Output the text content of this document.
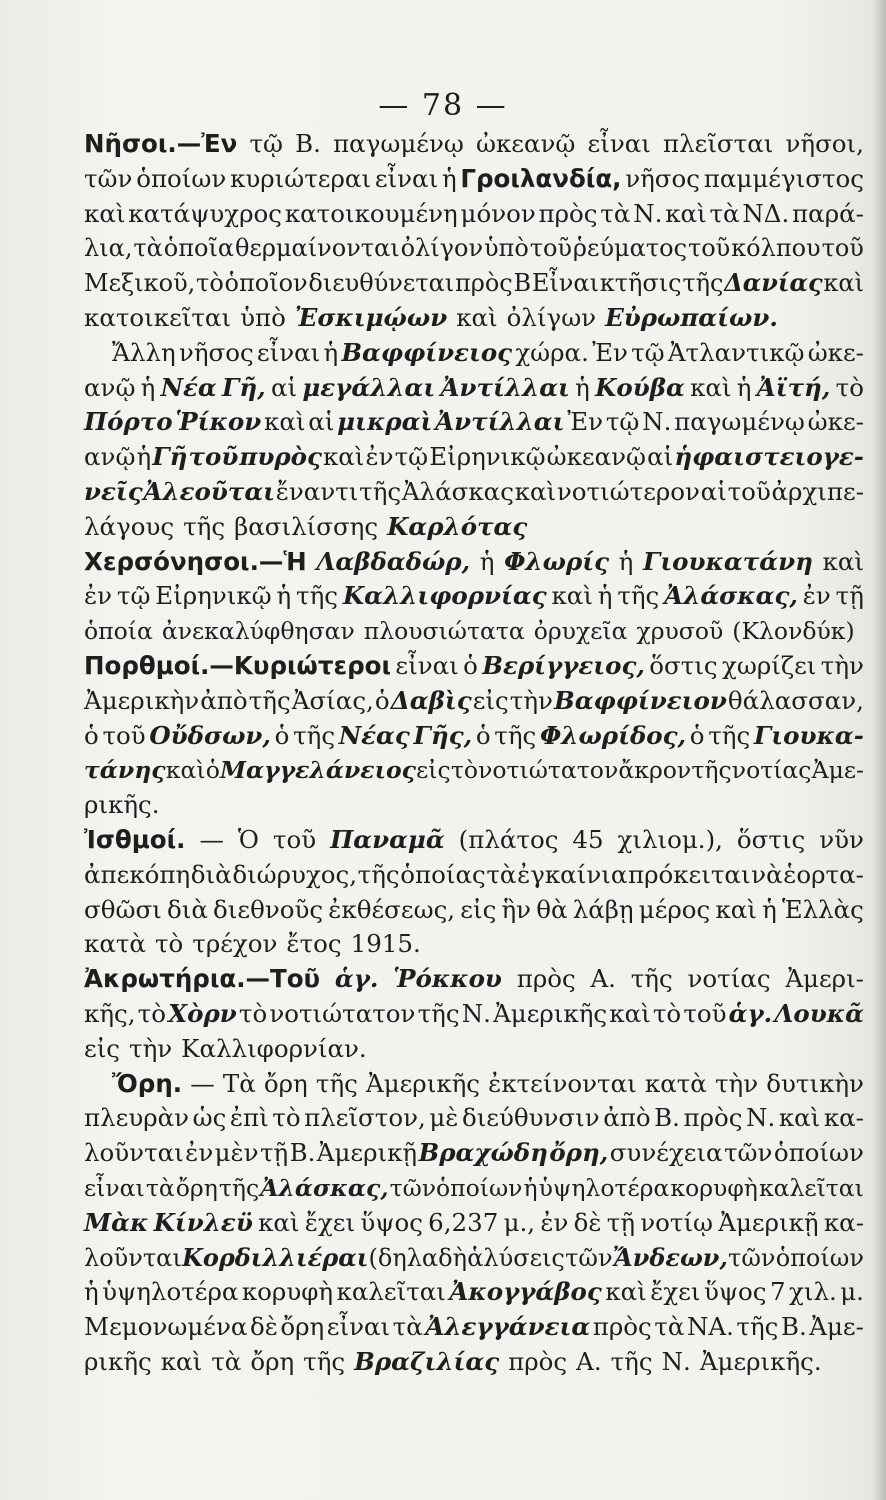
— 78 —
Νῆσοι.—Ἐν τῷ Β. παγωμένῳ ὠκεανῷ εἶναι πλεῖσται νῆσοι,
τῶν ὁποίων κυριώτεραι εἶναι ἡ Γροιλανδία, νῆσος παμμέγιστος
καὶ κατάψυχρος κατοικουμένη μόνον πρὸς τὰ Ν. καὶ τὰ ΝΔ. παρά-
λια, τὰ ὁποῖα θερμαίνονται ὀλίγον ὑπὸ τοῦ ῥεύματος τοῦ κόλπου τοῦ
Μεξικοῦ, τὸ ὁποῖον διευθύνεται πρὸς Β Εἶναι κτῆσις τῆς Δανίας καὶ
κατοικεῖται ὑπὸ Ἐσκιμῴων καὶ ὀλίγων Εὐρωπαίων.
Ἄλλη νῆσος εἶναι ἡ Βαφφίνειος χώρα. Ἐν τῷ Ἀτλαντικῷ ὠκε-
ανῷ ἡ Νέα Γῆ, αἱ μεγάλλαι Ἀντίλλαι ἡ Κούβα καὶ ἡ Ἀϊτή, τὸ
Πόρτο Ῥίκον καὶ αἱ μικραὶ Ἀντίλλαι Ἐν τῷ Ν. παγωμένῳ ὠκε-
ανῷ ἡ Γῆ τοῦ πυρὸς καὶ ἐν τῷ Εἰρηνικῷ ὠκεανῷ αἱ ἡφαιστειογε-
νεῖς Ἀλεοῦται ἔναντι τῆς Ἀλάσκας καὶ νοτιώτερον αἱ τοῦ ἀρχιπε-
λάγους τῆς βασιλίσσης Καρλότας
Χερσόνησοι.—Ἡ Λαβδαδώρ, ἡ Φλωρίς ἡ Γιουκατάνη καὶ
ἐν τῷ Εἰρηνικῷ ἡ τῆς Καλλιφορνίας καὶ ἡ τῆς Ἀλάσκας, ἐν τῇ
ὁποία ἀνεκαλύφθησαν πλουσιώτατα ὀρυχεῖα χρυσοῦ (Κλονδύκ)
Πορθμοί.—Κυριώτεροι εἶναι ὁ Βερίγγειος, ὅστις χωρίζει τὴν
Ἀμερικὴν ἀπὸ τῆς Ἀσίας, ὁ Δαβὶς εἰς τὴν Βαφφίνειον θάλασσαν,
ὁ τοῦ Οὔδσων, ὁ τῆς Νέας Γῆς, ὁ τῆς Φλωρίδος, ὁ τῆς Γιουκα-
τάνης καὶ ὁ Μαγγελάνειος εἰς τὸ νοτιώτατον ἄκρον τῆς νοτίας Ἀμε-
ρικῆς.
Ἰσθμοί. — Ὁ τοῦ Παναμᾶ (πλάτος 45 χιλιομ.), ὅστις νῦν
ἀπεκόπη διὰ διώρυχος, τῆς ὁποίας τὰ ἐγκαίνια πρόκειται νὰ ἑορτα-
σθῶσι διὰ διεθνοῦς ἐκθέσεως, εἰς ἣν θὰ λάβῃ μέρος καὶ ἡ Ἑλλὰς
κατὰ τὸ τρέχον ἔτος 1915.
Ἀκρωτήρια.—Τοῦ ἁγ. Ῥόκκου πρὸς Α. τῆς νοτίας Ἀμερι-
κῆς, τὸ Χὸρν τὸ νοτιώτατον τῆς Ν. Ἀμερικῆς καὶ τὸ τοῦ ἁγ. Λουκᾶ
εἰς τὴν Καλλιφορνίαν.
Ὄρη. — Τὰ ὄρη τῆς Ἀμερικῆς ἐκτείνονται κατὰ τὴν δυτικὴν
πλευρὰν ὡς ἐπὶ τὸ πλεῖστον, μὲ διεύθυνσιν ἀπὸ Β. πρὸς Ν. καὶ κα-
λοῦνται ἐν μὲν τῇ Β. Ἀμερικῇ Βραχώδη ὄρη, συνέχεια τῶν ὁποίων
εἶναι τὰ ὄρη τῆς Ἀλάσκας, τῶνὁποίων ἡ ὑψηλοτέρα κορυφὴ καλεῖται
Μὰκ Κίνλεϋ καὶ ἔχει ὕψος 6,237 μ., ἐν δὲ τῇ νοτίῳ Ἀμερικῇ κα-
λοῦνται Κορδιλλιέραι (δηλαδὴ ἁλύσεις τῶν Ἄνδεων, τῶν ὁποίων
ἡ ὑψηλοτέρα κορυφὴ καλεῖται Ἀκογγάβος καὶ ἔχει ὕψος 7 χιλ. μ.
Μεμονωμένα δὲ ὄρη εἶναι τὰ Ἀλεγγάνεια πρὸς τὰ ΝΑ. τῆς Β. Ἀμε-
ρικῆς καὶ τὰ ὄρη τῆς Βραζιλίας πρὸς Α. τῆς Ν. Ἀμερικῆς.
